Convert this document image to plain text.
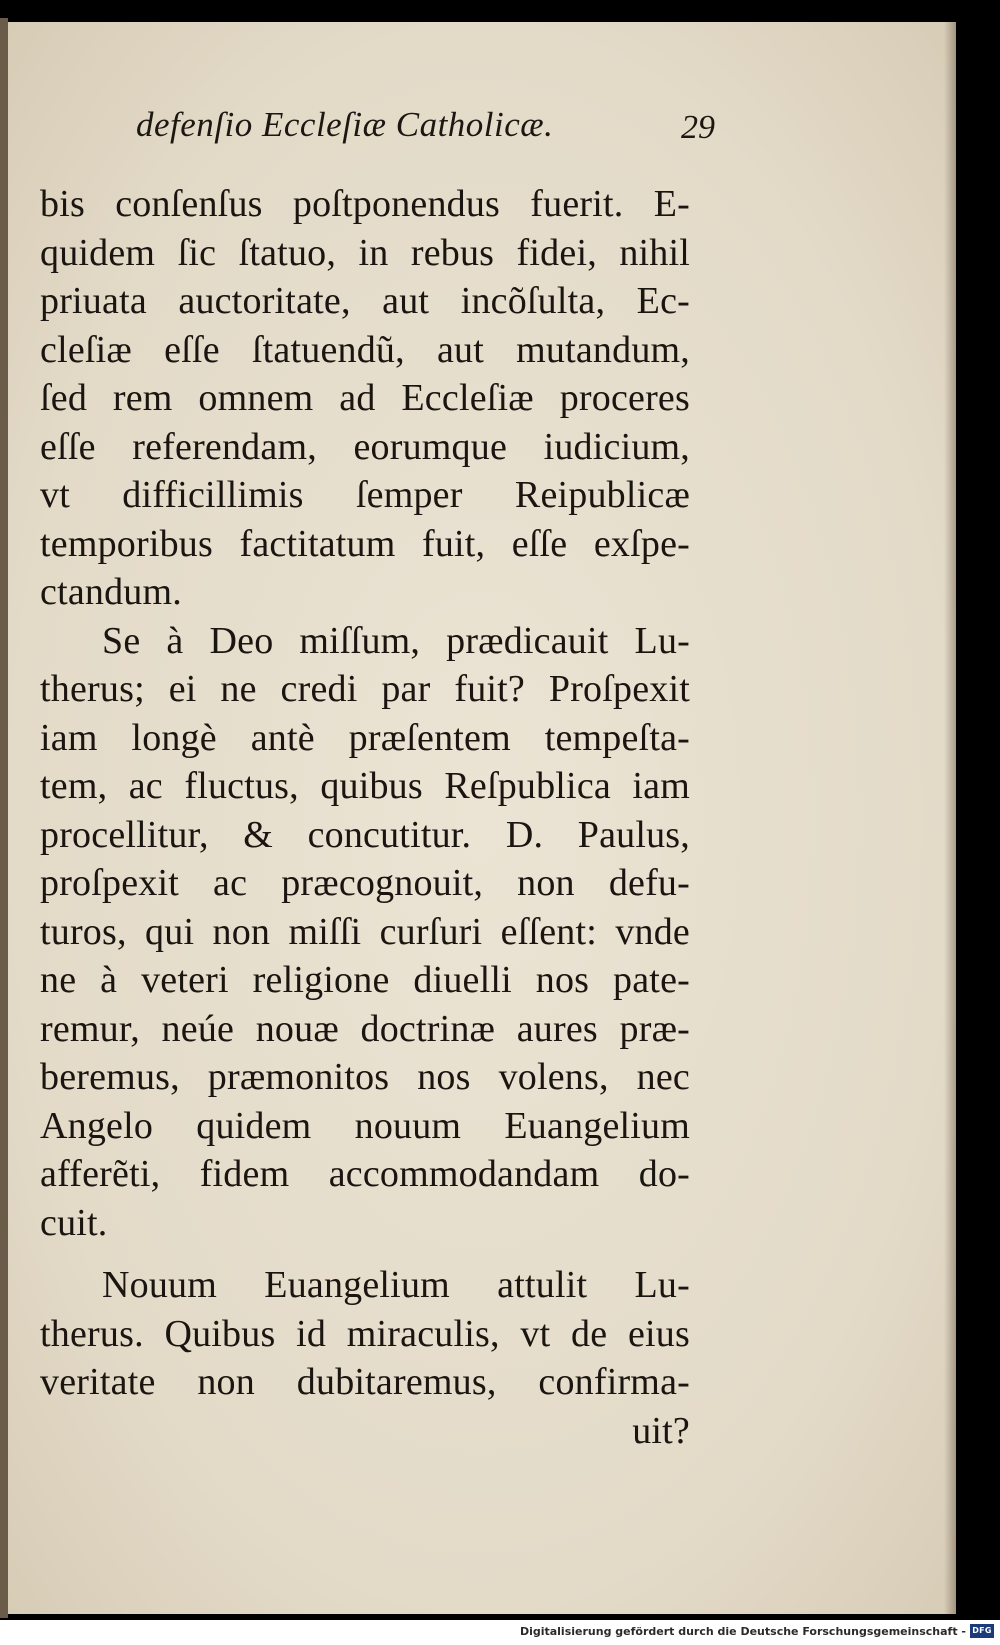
defenſio Eccleſiæ Catholicæ.	29
bis conſenſus poſtponendus fuerit. E-
quidem ſic ſtatuo, in rebus fidei, nihil
priuata auctoritate, aut incõſulta, Ec-
cleſiæ eſſe ſtatuendũ, aut mutandum,
ſed rem omnem ad Eccleſiæ proceres
eſſe referendam, eorumque iudicium,
vt difficillimis ſemper Reipublicæ
temporibus factitatum fuit, eſſe exſpe-
ctandum.
Se à Deo miſſum, prædicauit Lu-
therus; ei ne credi par fuit? Proſpexit
iam longè antè præſentem tempeſta-
tem, ac fluctus, quibus Reſpublica iam
procellitur, & concutitur. D. Paulus,
proſpexit ac præcognouit, non defu-
turos, qui non miſſi curſuri eſſent: vnde
ne à veteri religione diuelli nos pate-
remur, neúe nouæ doctrinæ aures præ-
beremus, præmonitos nos volens, nec
Angelo quidem nouum Euangelium
afferẽti, fidem accommodandam do-
cuit.
Nouum Euangelium attulit Lu-
therus. Quibus id miraculis, vt de eius
veritate non dubitaremus, confirma-
uit?
Digitalisierung gefördert durch die Deutsche Forschungsgemeinschaft - DFG
